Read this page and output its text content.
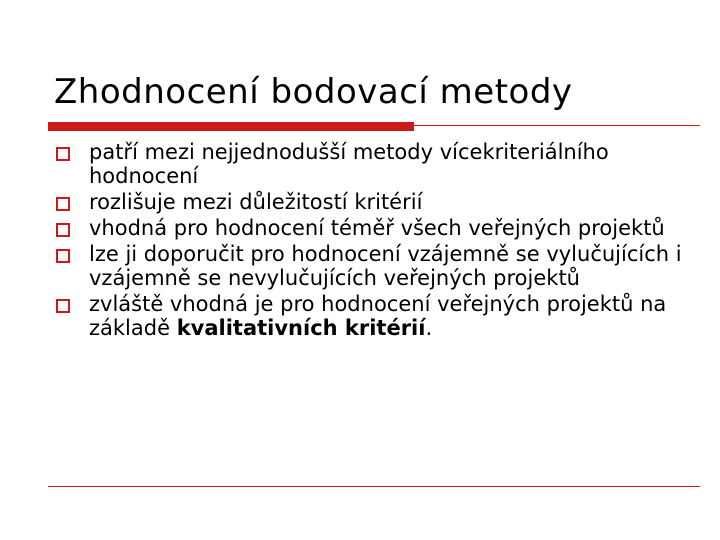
Zhodnocení bodovací metody
patří mezi nejjednodušší metody vícekriteriálního hodnocení
rozlišuje mezi důležitostí kritérií
vhodná pro hodnocení téměř všech veřejných projektů
lze ji doporučit pro hodnocení vzájemně se vylučujících i vzájemně se nevylučujících veřejných projektů
zvláště vhodná je pro hodnocení veřejných projektů na základě kvalitativních kritérií.
